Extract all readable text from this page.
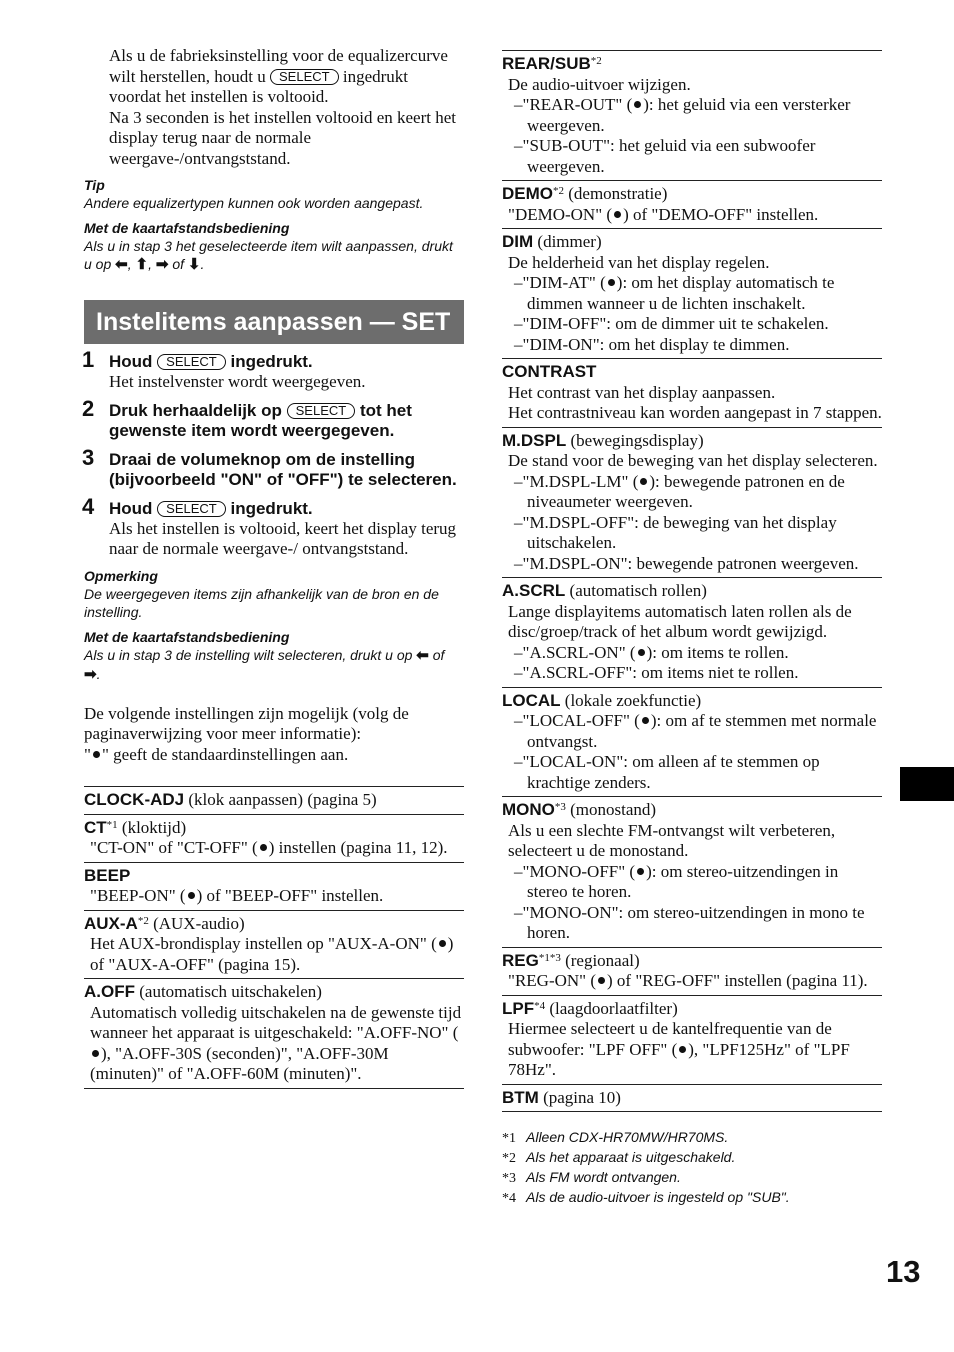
Als u de fabrieksinstelling voor de equalizercurve wilt herstellen, houdt u SELECT ingedrukt voordat het instellen is voltooid.

Na 3 seconden is het instellen voltooid en keert het display terug naar de normale weergave-/ontvangststand.

Tip
Andere equalizertypen kunnen ook worden aangepast.
Met de kaartafstandsbediening
Als u in stap 3 het geselecteerde item wilt aanpassen, drukt u op ⬅, ⬆, ➡ of ⬇.
Instelitems aanpassen — SET
1 Houd SELECT ingedrukt.
Het instelvenster wordt weergegeven.
2 Druk herhaaldelijk op SELECT tot het gewenste item wordt weergegeven.
3 Draai de volumeknop om de instelling (bijvoorbeeld "ON" of "OFF") te selecteren.
4 Houd SELECT ingedrukt.
Als het instellen is voltooid, keert het display terug naar de normale weergave-/ ontvangststand.
Opmerking
De weergegeven items zijn afhankelijk van de bron en de instelling.
Met de kaartafstandsbediening
Als u in stap 3 de instelling wilt selecteren, drukt u op ⬅ of ➡.
De volgende instellingen zijn mogelijk (volg de paginaverwijzing voor meer informatie):
" " geeft de standaardinstellingen aan.
CLOCK-ADJ (klok aanpassen) (pagina 5)
CT$^{*1}$ (kloktijd)
"CT-ON" of "CT-OFF" ( ) instellen (pagina 11, 12).
BEEP
"BEEP-ON" ( ) of "BEEP-OFF" instellen.
AUX-$A^{*2}$ (AUX-audio)
Het AUX-brondisplay instellen op "AUX-A-ON" ( ) of "AUX-A-OFF" (pagina 15).
A.OFF (automatisch uitschakelen)
Automatisch volledig uitschakelen na de gewenste tijd wanneer het apparaat is uitgeschakeld: "A.OFF-NO" (), "A.OFF-30S (seconden)", "A.OFF-30M (minuten)" of "A.OFF-60M (minuten)".
REAR/SUB$^{*2}$
De audio-uitvoer wijzigen.
–"REAR-OUT" ( ): het geluid via een versterker weergeven.
–"SUB-OUT": het geluid via een subwoofer weergeven.
DEMO$^{*2}$ (demonstratie)
"DEMO-ON" ( ) of "DEMO-OFF" instellen.
DIM (dimmer)
De helderheid van het display regelen.
–"DIM-AT" ( ): om het display automatisch te dimmen wanneer u de lichten inschakelt.
–"DIM-OFF": om de dimmer uit te schakelen.
–"DIM-ON": om het display te dimmen.
CONTRAST
Het contrast van het display aanpassen.
Het contrastniveau kan worden aangepast in 7 stappen.
M.DSPL (bewegingsdisplay)
De stand voor de beweging van het display selecteren.
–"M.DSPL-LM" ( ): bewegende patronen en de niveaumeter weergeven.
–"M.DSPL-OFF": de beweging van het display uitschakelen.
–"M.DSPL-ON": bewegende patronen weergeven.
A.SCRL (automatisch rollen)
Lange displayitems automatisch laten rollen als de disc/groep/track of het album wordt gewijzigd.
–"A.SCRL-ON" ( ): om items te rollen.
–"A.SCRL-OFF": om items niet te rollen.
LOCAL (lokale zoekfunctie)
–"LOCAL-OFF" ( ): om af te stemmen met normale ontvangst.
–"LOCAL-ON": om alleen af te stemmen op krachtige zenders.
MONO$^{*3}$ (monostand)
Als u een slechte FM-ontvangst wilt verbeteren, selecteert u de monostand.
–"MONO-OFF" ( ): om stereo-uitzendingen in stereo te horen.
–"MONO-ON": om stereo-uitzendingen in mono te horen.
$REG^{*1*3}$ (regionaal)
"REG-ON" ( ) of "REG-OFF" instellen (pagina 11).
LPF$^{*4}$ (laagdoorlaatfilter)
Hiermee selecteert u de kantelfrequentie van de subwoofer: "LPF OFF" ( ), "LPF125Hz" of "LPF 78Hz".
BTM (pagina 10)
*1 Alleen CDX-HR70MW/HR70MS.
*2 Als het apparaat is uitgeschakeld.
*3 Als FM wordt ontvangen.
*4 Als de audio-uitvoer is ingesteld op "SUB".
13
